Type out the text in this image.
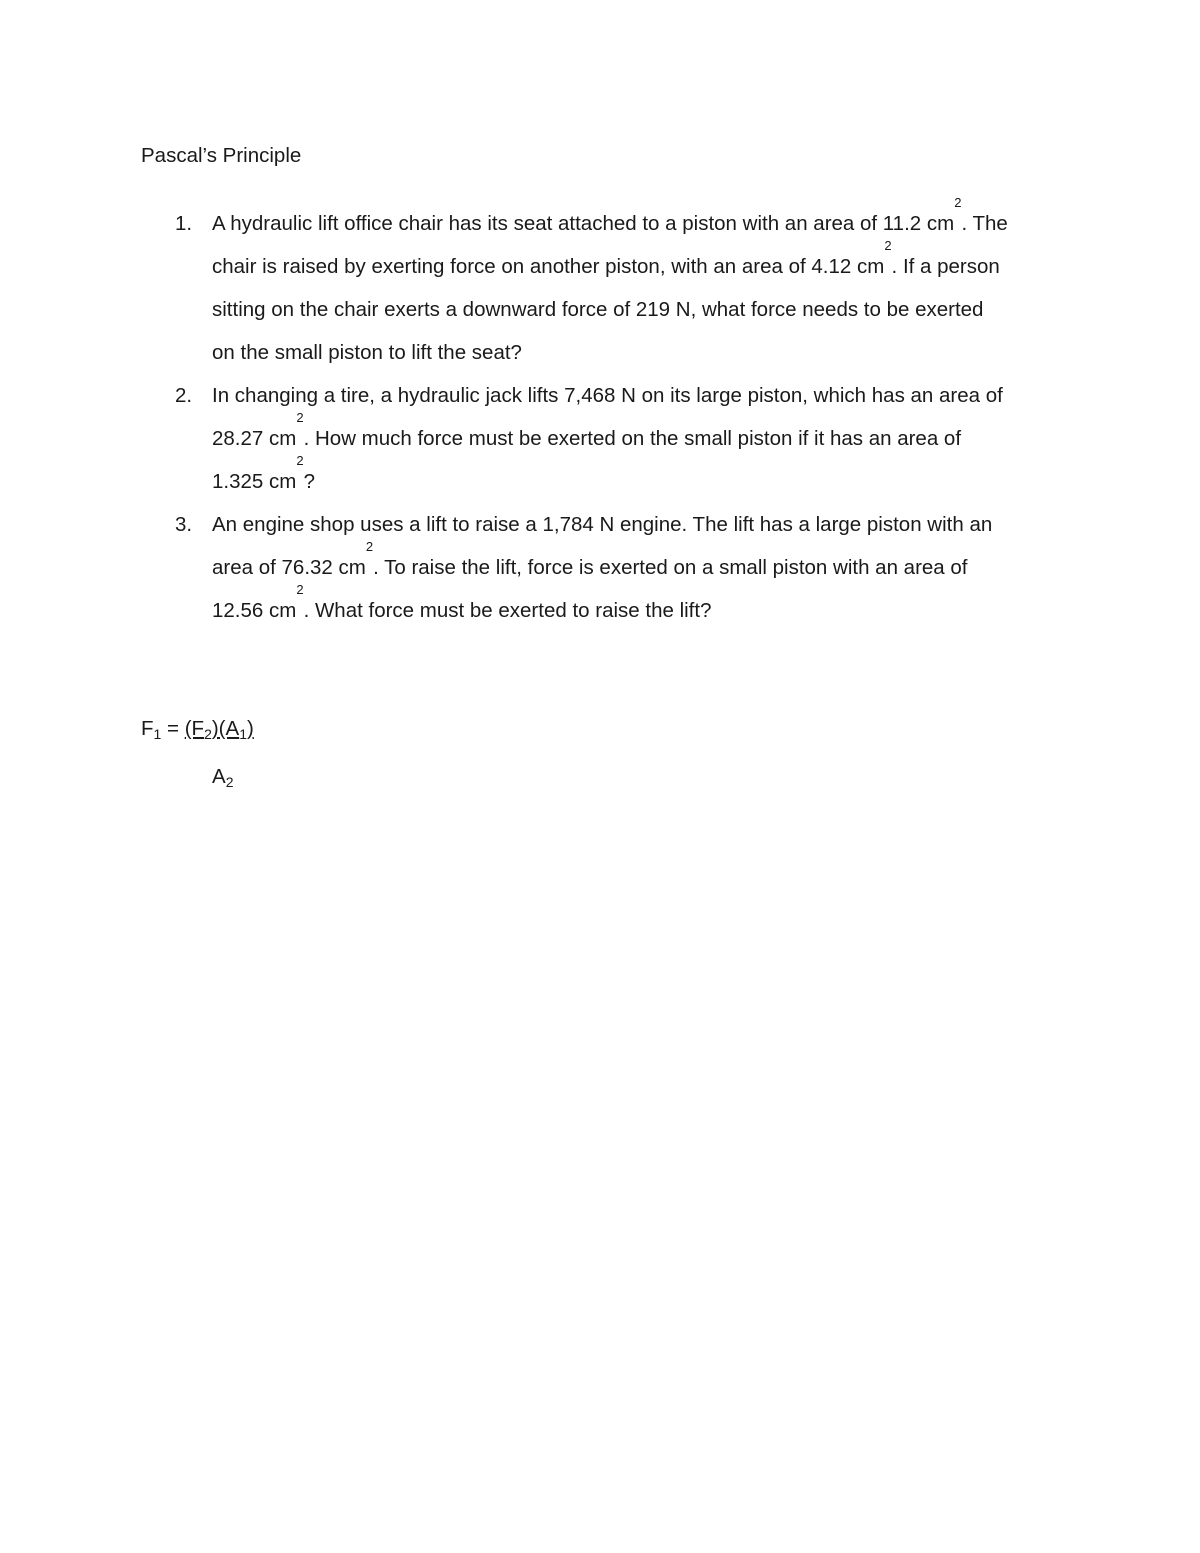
Pascal’s Principle
1. A hydraulic lift office chair has its seat attached to a piston with an area of 11.2 $cm^2$. The
chair is raised by exerting force on another piston, with an area of 4.12 $cm^2$. If a person
sitting on the chair exerts a downward force of 219 N, what force needs to be exerted
on the small piston to lift the seat?
2. In changing a tire, a hydraulic jack lifts 7,468 N on its large piston, which has an area of
28.27 $cm^2$. How much force must be exerted on the small piston if it has an area of
1.325 $cm^2$?
3. An engine shop uses a lift to raise a 1,784 N engine. The lift has a large piston with an
area of 76.32 $cm^2$. To raise the lift, force is exerted on a small piston with an area of
12.56 $cm^2$. What force must be exerted to raise the lift?
F1 = (F2)(A1)
A2
